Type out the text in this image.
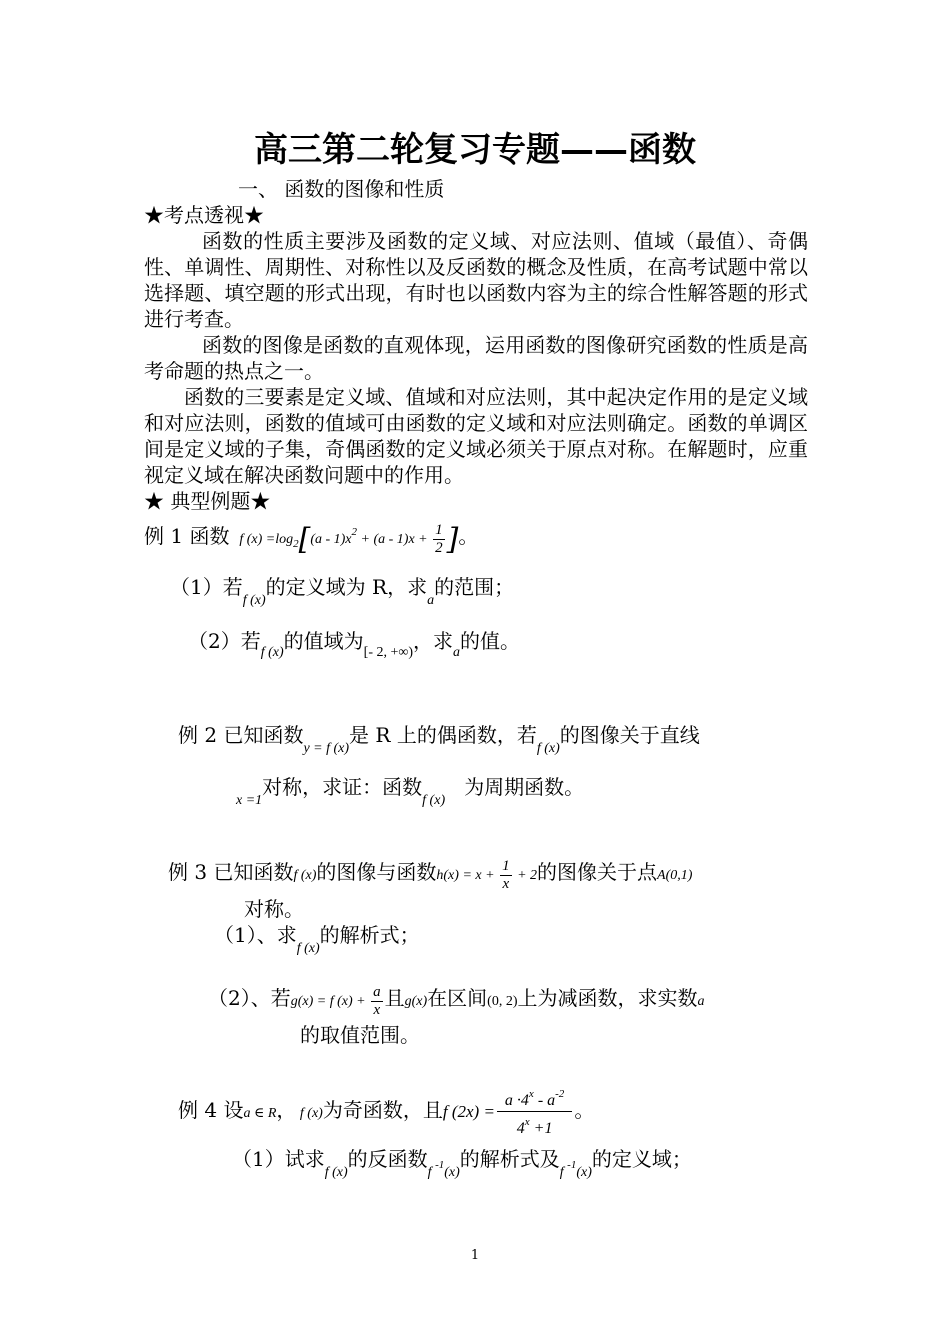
高三第二轮复习专题——函数
一、 函数的图像和性质
★考点透视★
函数的性质主要涉及函数的定义域、对应法则、值域（最值）、奇偶性、单调性、周期性、对称性以及反函数的概念及性质，在高考试题中常以选择题、填空题的形式出现，有时也以函数内容为主的综合性解答题的形式进行考查。
函数的图像是函数的直观体现，运用函数的图像研究函数的性质是高考命题的热点之一。
函数的三要素是定义域、值域和对应法则，其中起决定作用的是定义域和对应法则，函数的值域可由函数的定义域和对应法则确定。函数的单调区间是定义域的子集，奇偶函数的定义域必须关于原点对称。在解题时，应重视定义域在解决函数问题中的作用。
★ 典型例题★
例 1 函数  f $(x) =\log_2[(a - 1)x^2 + (a - 1)x + \frac{1}{2}$ ]。
（1）若$_{f (x)}$的定义域为 R，求$_a$的范围；
（2）若$_{f (x)}$的值域为$_{[- 2, +\infty)}$，求$_a$的值。
例 2 已知函数$_{y = f (x)}$是 R 上的偶函数，若$_{f (x)}$的图像关于直线
$_{x =1}$对称，求证：函数$_{f (x)}$   为周期函数。
例 3 已知函数f (x)的图像与函数$h(x) = x + \frac{1}{x} + 2$的图像关于点A(0,1)
对称。
（1）、求$_{f (x)}$的解析式；
（2）、若g(x) = f $(x) + \frac{a}{x}$ 且g(x)在区间(0, 2)上为减函数，求实数a
的取值范围。
例 4 设a ∈ R， f (x)为奇函数，且f $(2x) = \frac{a \cdot 4^x - a^{-2}}{4^x +1}$ 。
（1）试求$_{f (x)}$的反函数$_{f ^{-1}(x)}$的解析式及$_{f ^{-1}(x)}$的定义域；
1
